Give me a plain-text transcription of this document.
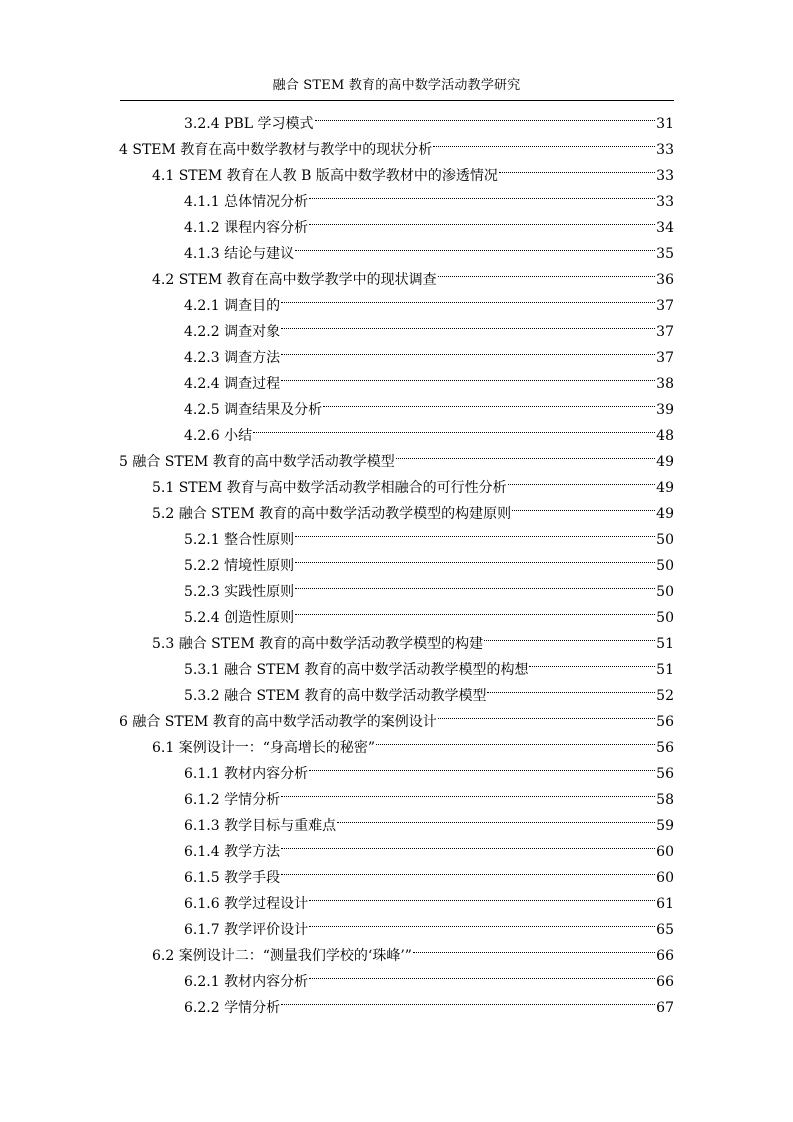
融合 STEM 教育的高中数学活动教学研究
3.2.4 PBL 学习模式	31
4 STEM 教育在高中数学教材与教学中的现状分析	33
4.1 STEM 教育在人教 B 版高中数学教材中的渗透情况	33
4.1.1 总体情况分析	33
4.1.2 课程内容分析	34
4.1.3 结论与建议	35
4.2 STEM 教育在高中数学教学中的现状调查	36
4.2.1 调查目的	37
4.2.2 调查对象	37
4.2.3 调查方法	37
4.2.4 调查过程	38
4.2.5 调查结果及分析	39
4.2.6 小结	48
5 融合 STEM 教育的高中数学活动教学模型	49
5.1 STEM 教育与高中数学活动教学相融合的可行性分析	49
5.2 融合 STEM 教育的高中数学活动教学模型的构建原则	49
5.2.1 整合性原则	50
5.2.2 情境性原则	50
5.2.3 实践性原则	50
5.2.4 创造性原则	50
5.3 融合 STEM 教育的高中数学活动教学模型的构建	51
5.3.1 融合 STEM 教育的高中数学活动教学模型的构想	51
5.3.2 融合 STEM 教育的高中数学活动教学模型	52
6 融合 STEM 教育的高中数学活动教学的案例设计	56
6.1 案例设计一：“身高增长的秘密”	56
6.1.1 教材内容分析	56
6.1.2 学情分析	58
6.1.3 教学目标与重难点	59
6.1.4 教学方法	60
6.1.5 教学手段	60
6.1.6 教学过程设计	61
6.1.7 教学评价设计	65
6.2 案例设计二：“测量我们学校的‘珠峰’”	66
6.2.1 教材内容分析	66
6.2.2 学情分析	67
